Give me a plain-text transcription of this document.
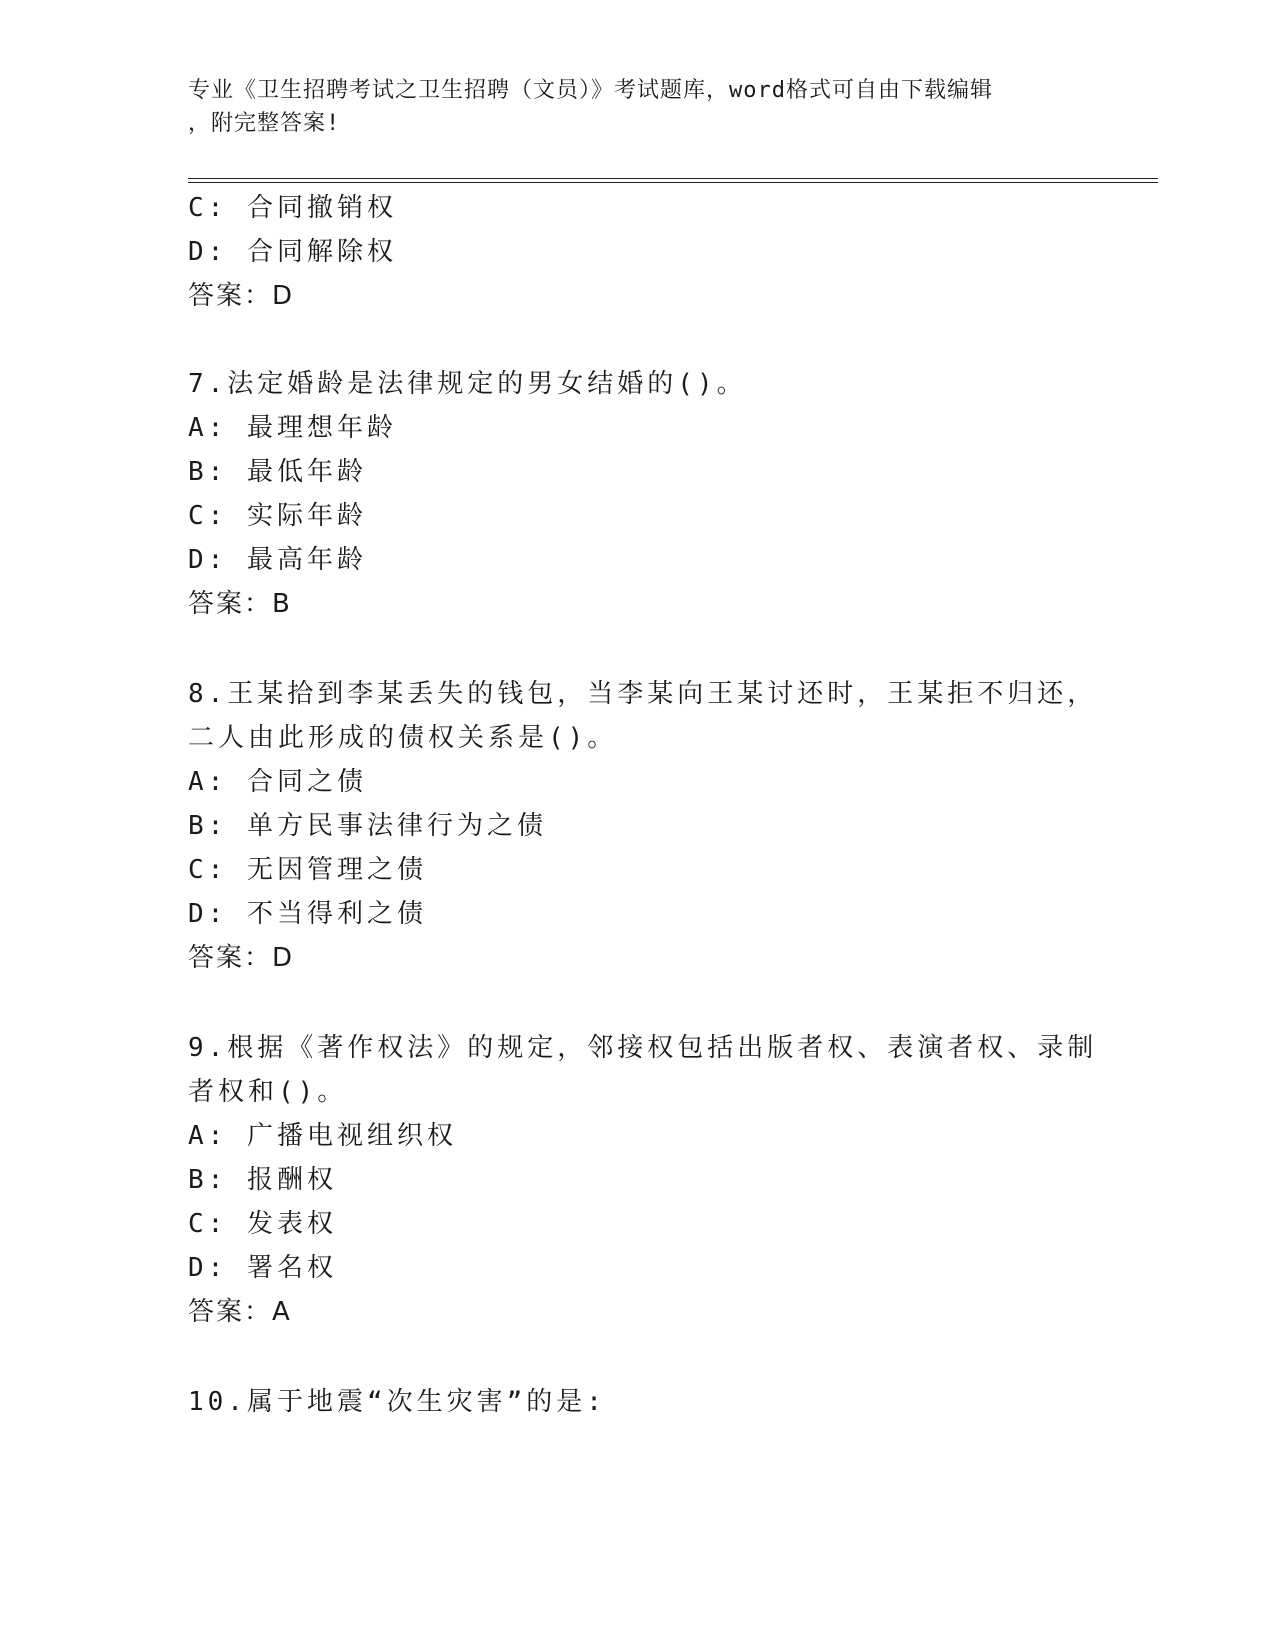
专业《卫生招聘考试之卫生招聘（文员）》考试题库，word格式可自由下载编辑
，附完整答案!
C: 合同撤销权
D: 合同解除权
答案：D
7.法定婚龄是法律规定的男女结婚的()。
A: 最理想年龄
B: 最低年龄
C: 实际年龄
D: 最高年龄
答案：B
8.王某拾到李某丢失的钱包，当李某向王某讨还时，王某拒不归还，
二人由此形成的债权关系是()。
A: 合同之债
B: 单方民事法律行为之债
C: 无因管理之债
D: 不当得利之债
答案：D
9.根据《著作权法》的规定，邻接权包括出版者权、表演者权、录制
者权和()。
A: 广播电视组织权
B: 报酬权
C: 发表权
D: 署名权
答案：A
10.属于地震“次生灾害”的是:
